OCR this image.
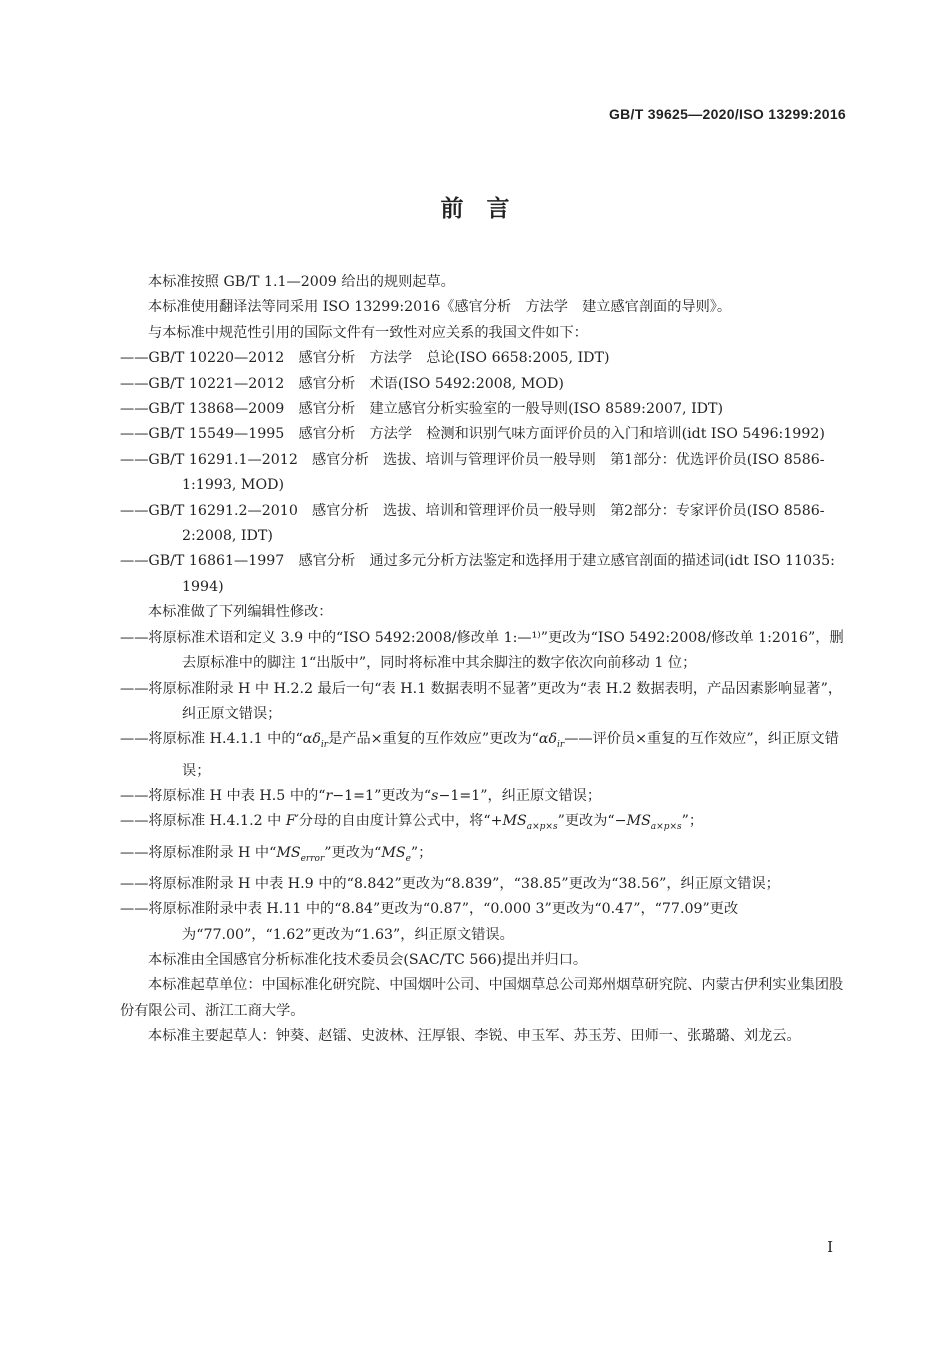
GB/T 39625—2020/ISO 13299:2016
前　言

本标准按照 GB/T 1.1—2009 给出的规则起草。

本标准使用翻译法等同采用 ISO 13299:2016《感官分析　方法学　建立感官剖面的导则》。

与本标准中规范性引用的国际文件有一致性对应关系的我国文件如下：

——GB/T 10220—2012　感官分析　方法学　总论(ISO 6658:2005, IDT)

——GB/T 10221—2012　感官分析　术语(ISO 5492:2008, MOD)

——GB/T 13868—2009　感官分析　建立感官分析实验室的一般导则(ISO 8589:2007, IDT)

——GB/T 15549—1995　感官分析　方法学　检测和识别气味方面评价员的入门和培训(idt ISO 5496:1992)

——GB/T 16291.1—2012　感官分析　选拔、培训与管理评价员一般导则　第1部分：优选评价员(ISO 8586-1:1993, MOD)

——GB/T 16291.2—2010　感官分析　选拔、培训和管理评价员一般导则　第2部分：专家评价员(ISO 8586-2:2008, IDT)

——GB/T 16861—1997　感官分析　通过多元分析方法鉴定和选择用于建立感官剖面的描述词(idt ISO 11035: 1994)

本标准做了下列编辑性修改：

——将原标准术语和定义 3.9 中的“ISO 5492:2008/修改单 1:—¹⁾”更改为“ISO 5492:2008/修改单 1:2016”，删去原标准中的脚注 1“出版中”，同时将标准中其余脚注的数字依次向前移动 1 位；

——将原标准附录 H 中 H.2.2 最后一句“表 H.1 数据表明不显著”更改为“表 H.2 数据表明，产品因素影响显著”，纠正原文错误；

——将原标准 H.4.1.1 中的“$\alpha\delta_{ir}$是产品×重复的互作效应”更改为“$\alpha\delta_{ir}——$评价员×重复的互作效应”，纠正原文错误；

——将原标准 H 中表 H.5 中的“r−1=1”更改为“s−1=1”，纠正原文错误；

——将原标准 H.4.1.2 中 F′分母的自由度计算公式中，将“$+MS_{a\times p\times s}$”更改为“$-MS_{a\times p\times s}$”；

——将原标准附录 H 中“$MS_{error}$”更改为“$MS_e$”；

——将原标准附录 H 中表 H.9 中的“8.842”更改为“8.839”，“38.85”更改为“38.56”，纠正原文错误；

——将原标准附录中表 H.11 中的“8.84”更改为“0.87”，“0.000 3”更改为“0.47”，“77.09”更改为“77.00”，“1.62”更改为“1.63”，纠正原文错误。

本标准由全国感官分析标准化技术委员会(SAC/TC 566)提出并归口。

本标准起草单位：中国标准化研究院、中国烟叶公司、中国烟草总公司郑州烟草研究院、内蒙古伊利实业集团股份有限公司、浙江工商大学。

本标准主要起草人：钟葵、赵镭、史波林、汪厚银、李锐、申玉军、苏玉芳、田师一、张璐璐、刘龙云。

I
